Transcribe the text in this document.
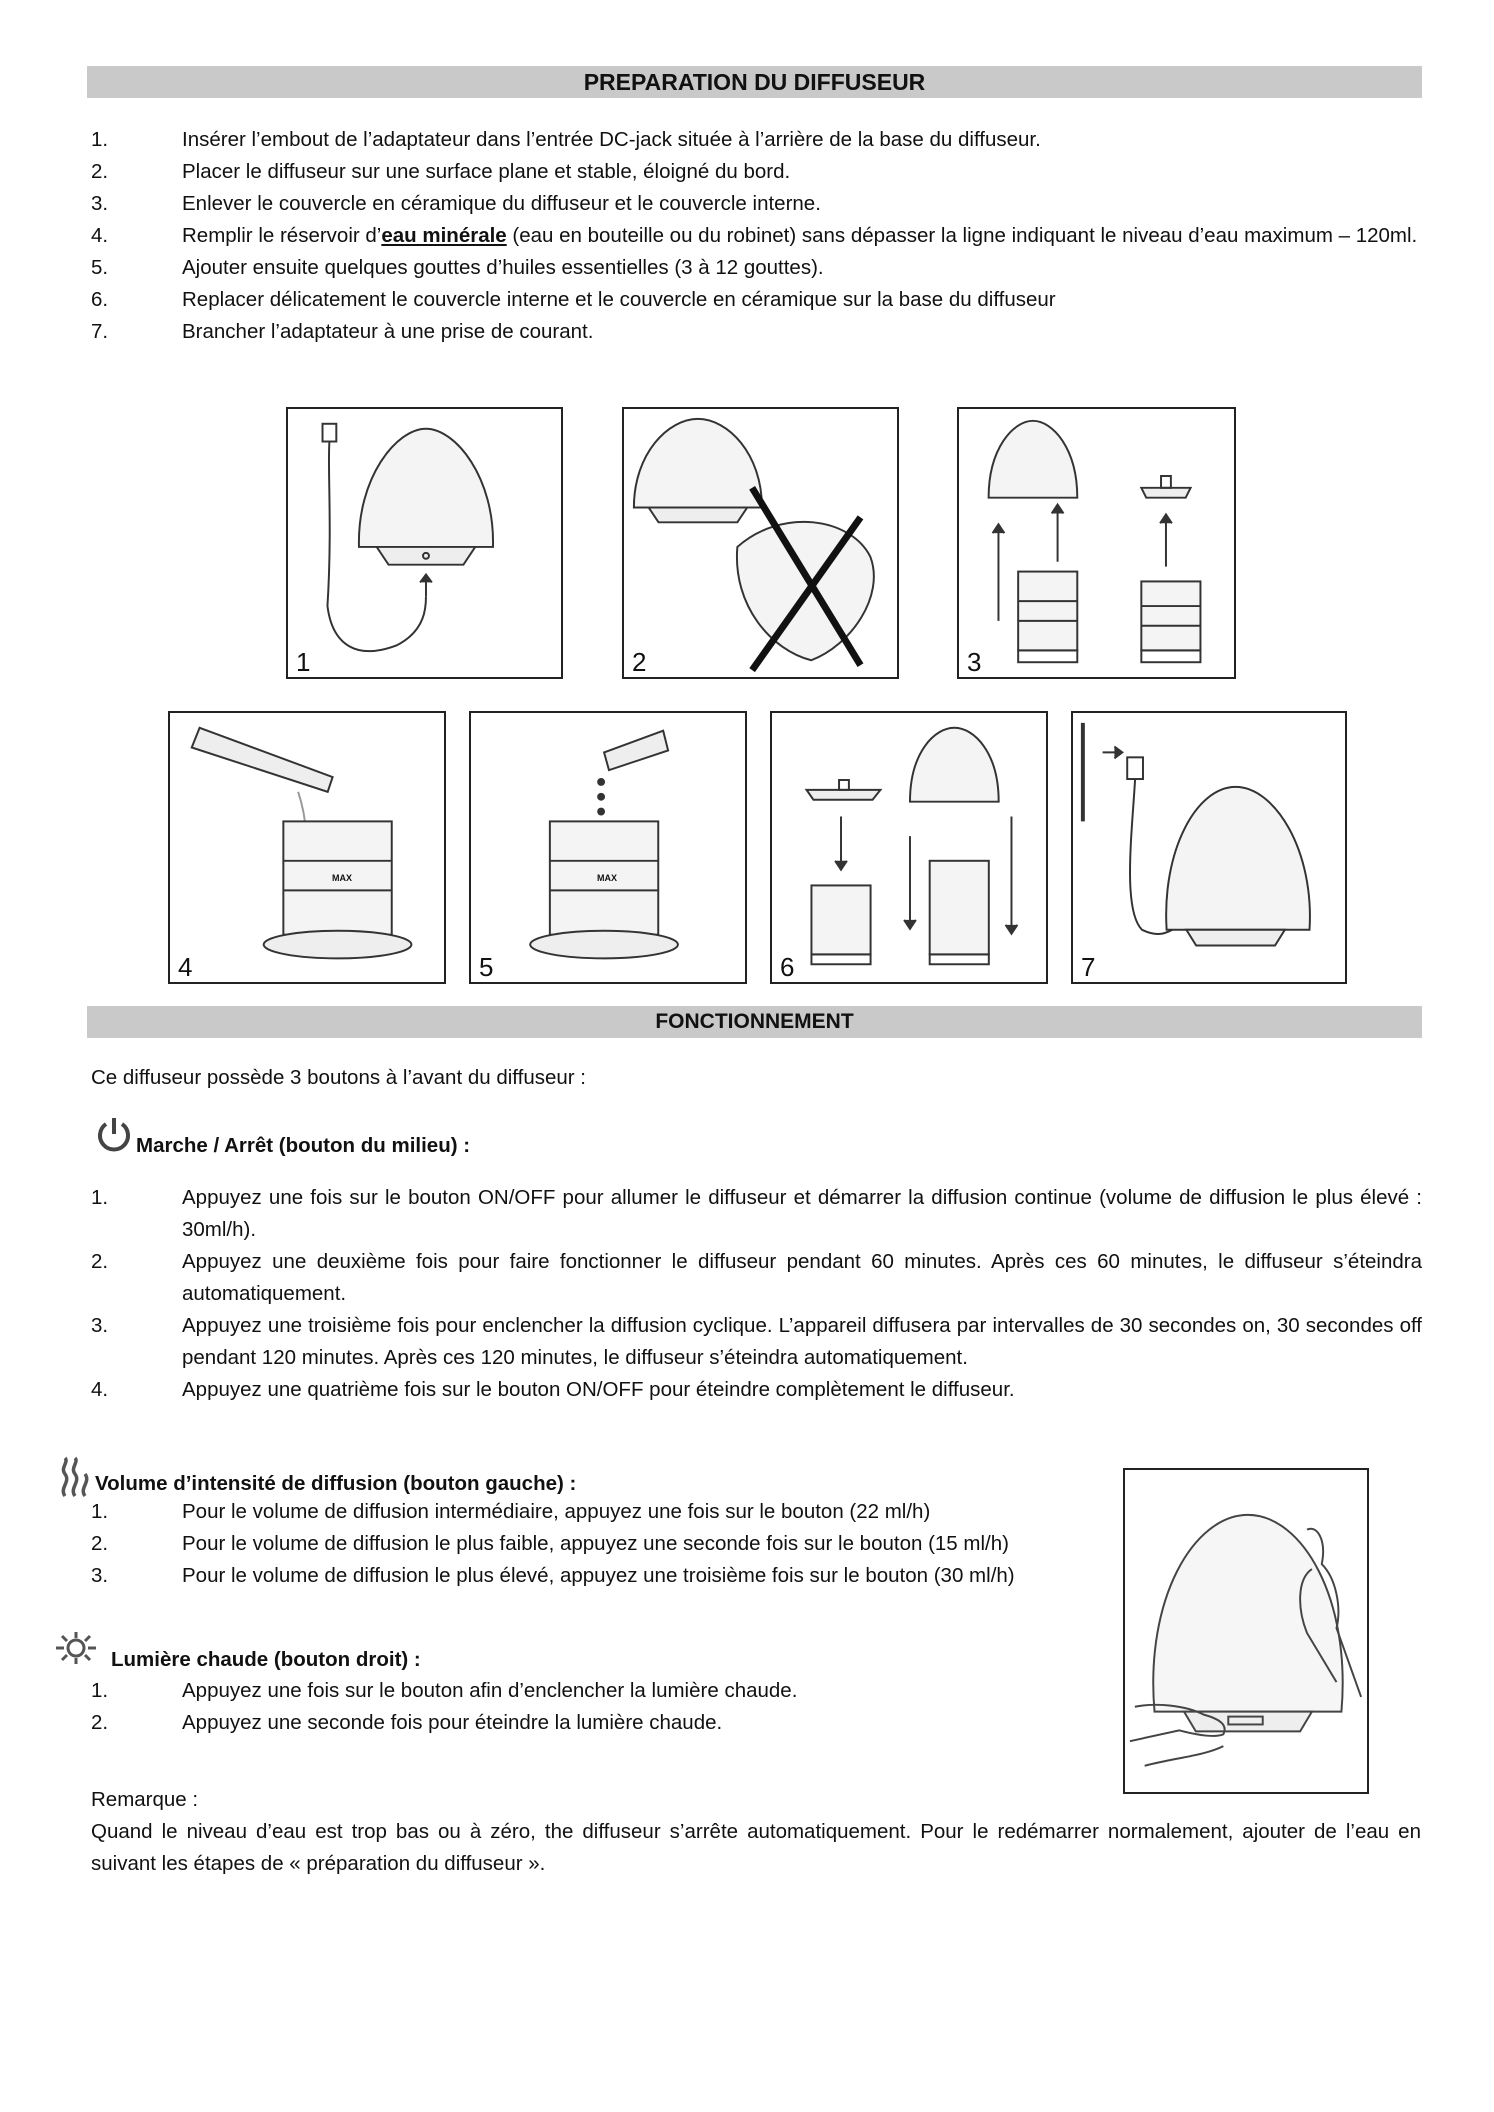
PREPARATION DU DIFFUSEUR
1.	Insérer l’embout de l’adaptateur dans l’entrée DC-jack située à l’arrière de la base du diffuseur.
2.	Placer le diffuseur sur une surface plane et stable, éloigné du bord.
3.	Enlever le couvercle en céramique du diffuseur et le couvercle interne.
4.	Remplir le réservoir d’eau minérale (eau en bouteille ou du robinet) sans dépasser la ligne indiquant le niveau d’eau maximum – 120ml.
5.	Ajouter ensuite quelques gouttes d’huiles essentielles (3 à 12 gouttes).
6.	Replacer délicatement le couvercle interne et le couvercle en céramique sur la base du diffuseur
7.	Brancher l’adaptateur à une prise de courant.
1	2	3
4
MAX
5
MAX
6	7
FONCTIONNEMENT
Ce diffuseur possède 3 boutons à l’avant du diffuseur :
Marche / Arrêt (bouton du milieu) :
1.	Appuyez une fois sur le bouton ON/OFF pour allumer le diffuseur et démarrer la diffusion continue (volume de diffusion le plus élevé : 30ml/h).
2.	Appuyez une deuxième fois pour faire fonctionner le diffuseur pendant 60 minutes. Après ces 60 minutes, le diffuseur s’éteindra automatiquement.
3.	Appuyez une troisième fois pour enclencher la diffusion cyclique. L’appareil diffusera par intervalles de 30 secondes on, 30 secondes off pendant 120 minutes. Après ces 120 minutes, le diffuseur s’éteindra automatiquement.
4.	Appuyez une quatrième fois sur le bouton ON/OFF pour éteindre complètement le diffuseur.
Volume d’intensité de diffusion (bouton gauche) :
1.	Pour le volume de diffusion intermédiaire, appuyez une fois sur le bouton (22 ml/h)
2.	Pour le volume de diffusion le plus faible, appuyez une seconde fois sur le bouton (15 ml/h)
3.	Pour le volume de diffusion le plus élevé, appuyez une troisième fois sur le bouton (30 ml/h)
Lumière chaude (bouton droit) :
1.	Appuyez une fois sur le bouton afin d’enclencher la lumière chaude.
2.	Appuyez une seconde fois pour éteindre la lumière chaude.
Remarque :
Quand le niveau d’eau est trop bas ou à zéro, the diffuseur s’arrête automatiquement. Pour le redémarrer normalement, ajouter de l’eau en suivant les étapes de « préparation du diffuseur ».
